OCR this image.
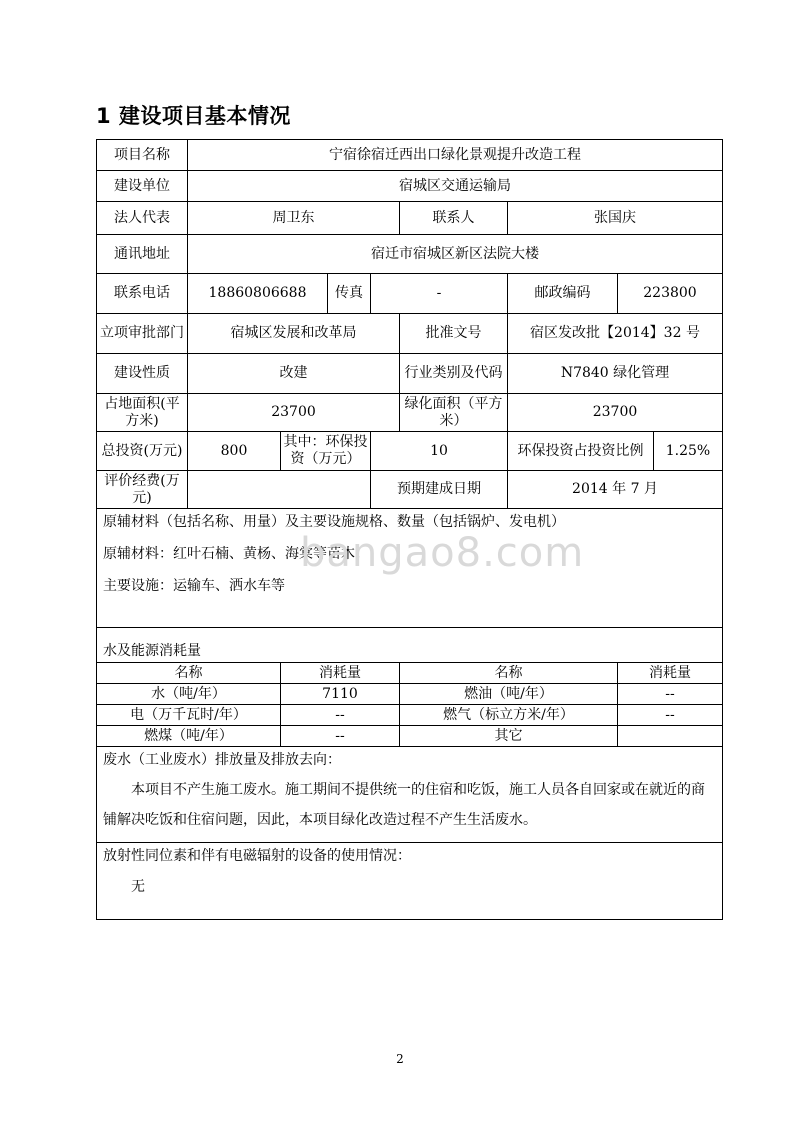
1 建设项目基本情况
项目名称	宁宿徐宿迁西出口绿化景观提升改造工程							
建设单位	宿城区交通运输局							
法人代表	周卫东				联系人	张国庆		
通讯地址	宿迁市宿城区新区法院大楼							
联系电话	18860806688		传真	-		邮政编码	223800	
立项审批部门	宿城区发展和改革局				批准文号	宿区发改批【2014】32 号		
建设性质	改建				行业类别及代码	N7840 绿化管理		
占地面积(平方米)	23700				绿化面积（平方米）	23700		
总投资(万元)	800	其中：环保投资（万元）		10		环保投资占投资比例		1.25%
评价经费(万元)				预期建成日期		2014 年 7 月		

原辅材料（包括名称、用量）及主要设施规格、数量（包括锅炉、发电机）
原辅材料：红叶石楠、黄杨、海棠等苗木；
主要设施：运输车、洒水车等								

水及能源消耗量								
名称		消耗量			名称		消耗量	
水（吨/年）		7110			燃油（吨/年）		--	
电（万千瓦时/年）		--			燃气（标立方米/年）		--	
燃煤（吨/年）		--			其它			

废水（工业废水）排放量及排放去向：
本项目不产生施工废水。施工期间不提供统一的住宿和吃饭，施工人员各自回家或在就近的商铺解决吃饭和住宿问题，因此，本项目绿化改造过程不产生生活废水。								

放射性同位素和伴有电磁辐射的设备的使用情况：
无								
bangao8.com
2
